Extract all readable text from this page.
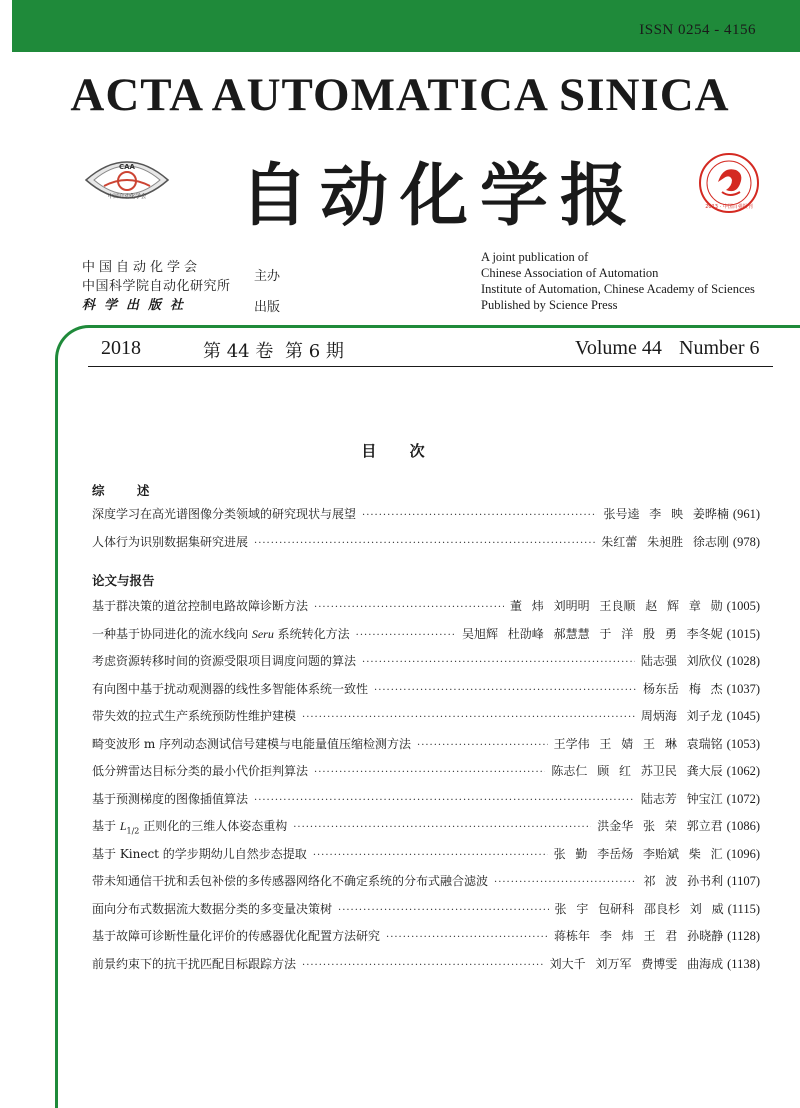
ISSN 0254 - 4156
ACTA AUTOMATICA SINICA
CAA
中国自动化学会	自动化学报	2013 · 中国百强报刊
中国自动化学会
中国科学院自动化研究所
科学出版社
主办
出版
A joint publication of
Chinese Association of Automation
Institute of Automation, Chinese Academy of Sciences
Published by Science Press
2018	第 44 卷 第 6 期	Volume 44 Number 6
目 次
综 述
深度学习在高光谱图像分类领域的研究现状与展望 ·····	张号逵 李 映 姜晔楠 (961)
人体行为识别数据集研究进展 ·····	朱红蕾 朱昶胜 徐志刚 (978)
论文与报告
基于群决策的道岔控制电路故障诊断方法 ·····	董 炜 刘明明 王良顺 赵 辉 章 勋 (1005)
一种基于协同进化的流水线向 Seru 系统转化方法 ·····	吴旭辉 杜劭峰 郝慧慧 于 洋 殷 勇 李冬妮 (1015)
考虑资源转移时间的资源受限项目调度问题的算法 ·····	陆志强 刘欣仪 (1028)
有向图中基于扰动观测器的线性多智能体系统一致性 ·····	杨东岳 梅 杰 (1037)
带失效的拉式生产系统预防性维护建模 ·····	周炳海 刘子龙 (1045)
畸变波形 m 序列动态测试信号建模与电能量值压缩检测方法 ·····	王学伟 王 婧 王 琳 袁瑞铭 (1053)
低分辨雷达目标分类的最小代价拒判算法 ·····	陈志仁 顾 红 苏卫民 龚大辰 (1062)
基于预测梯度的图像插值算法 ·····	陆志芳 钟宝江 (1072)
基于 $L_{1/2}$ 正则化的三维人体姿态重构 ·····	洪金华 张 荣 郭立君 (1086)
基于 Kinect 的学步期幼儿自然步态提取 ·····	张 勤 李岳炀 李贻斌 柴 汇 (1096)
带未知通信干扰和丢包补偿的多传感器网络化不确定系统的分布式融合滤波 ·····	祁 波 孙书利 (1107)
面向分布式数据流大数据分类的多变量决策树 ·····	张 宇 包研科 邵良杉 刘 威 (1115)
基于故障可诊断性量化评价的传感器优化配置方法研究 ·····	蒋栋年 李 炜 王 君 孙晓静 (1128)
前景约束下的抗干扰匹配目标跟踪方法 ·····	刘大千 刘万军 费博雯 曲海成 (1138)
